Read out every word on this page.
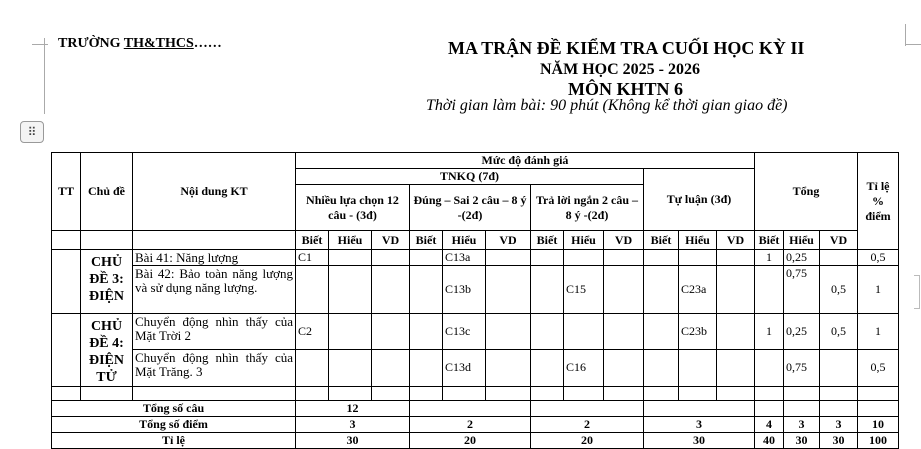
TRƯỜNG TH&THCS……	MA TRẬN ĐỀ KIỂM TRA CUỐI HỌC KỲ II
NĂM HỌC 2025 - 2026
MÔN KHTN 6
Thời gian làm bài: 90 phút (Không kể thời gian giao đề)
⠿
TT	Chủ đề	Nội dung KT	Mức độ đánh giá												Tổng			Tỉ lệ % điểm
			TNKQ (7đ)									Tự luận (3đ)						
			Nhiều lựa chọn 12 câu - (3đ)			Đúng – Sai 2 câu – 8 ý -(2đ)			Trả lời ngắn 2 câu – 8 ý -(2đ)									
			Biết	Hiểu	VD	Biết	Hiểu	VD	Biết	Hiểu	VD	Biết	Hiểu	VD	Biết	Hiểu	VD	
	CHỦ ĐỀ 3: ĐIỆN	Bài 41: Năng lượng	C1				C13a								1	0,25		0,5
		Bài 42: Bảo toàn năng lượng và sử dụng năng lượng.					C13b			C15			C23a			0,75	0,5	1
	CHỦ ĐỀ 4: ĐIỆN TỬ	Chuyển động nhìn thấy của Mặt Trời 2	C2				C13c						C23b		1	0,25	0,5	1
		Chuyển động nhìn thấy của Mặt Trăng. 3					C13d			C16						0,75		0,5

Tổng số câu			12															
Tổng số điểm			3			2			2			3			4	3	3	10
Tỉ lệ			30			20			20			30			40	30	30	100
